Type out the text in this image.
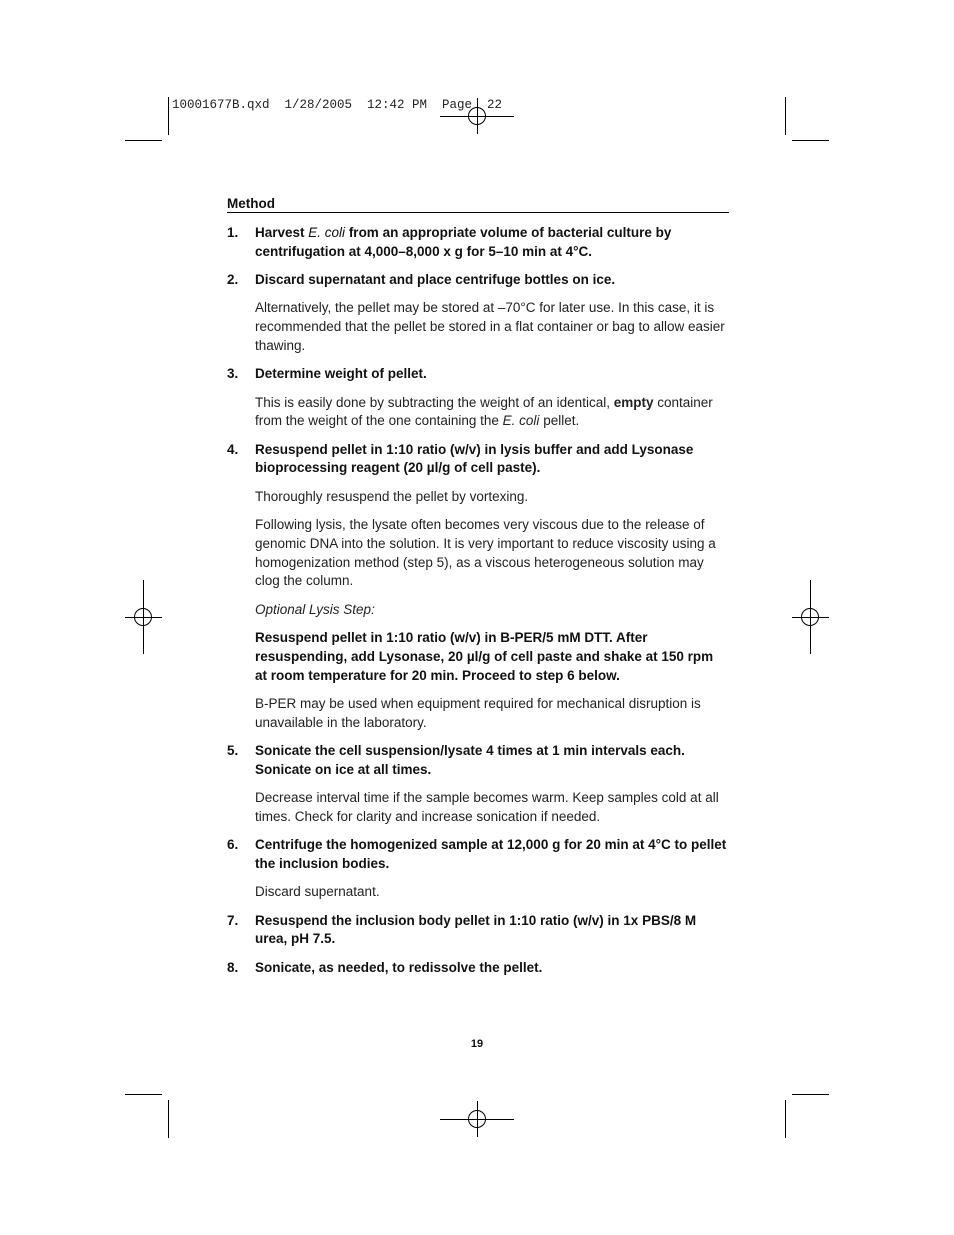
10001677B.qxd  1/28/2005  12:42 PM  Page  22
Method
1. Harvest E. coli from an appropriate volume of bacterial culture by centrifugation at 4,000–8,000 x g for 5–10 min at 4°C.
2. Discard supernatant and place centrifuge bottles on ice.
Alternatively, the pellet may be stored at –70°C for later use. In this case, it is recommended that the pellet be stored in a flat container or bag to allow easier thawing.
3. Determine weight of pellet.
This is easily done by subtracting the weight of an identical, empty container from the weight of the one containing the E. coli pellet.
4. Resuspend pellet in 1:10 ratio (w/v) in lysis buffer and add Lysonase bioprocessing reagent (20 µl/g of cell paste).
Thoroughly resuspend the pellet by vortexing.
Following lysis, the lysate often becomes very viscous due to the release of genomic DNA into the solution. It is very important to reduce viscosity using a homogenization method (step 5), as a viscous heterogeneous solution may clog the column.
Optional Lysis Step:
Resuspend pellet in 1:10 ratio (w/v) in B-PER/5 mM DTT. After resuspending, add Lysonase, 20 µl/g of cell paste and shake at 150 rpm at room temperature for 20 min. Proceed to step 6 below.
B-PER may be used when equipment required for mechanical disruption is unavailable in the laboratory.
5. Sonicate the cell suspension/lysate 4 times at 1 min intervals each. Sonicate on ice at all times.
Decrease interval time if the sample becomes warm. Keep samples cold at all times. Check for clarity and increase sonication if needed.
6. Centrifuge the homogenized sample at 12,000 g for 20 min at 4°C to pellet the inclusion bodies.
Discard supernatant.
7. Resuspend the inclusion body pellet in 1:10 ratio (w/v) in 1x PBS/8 M urea, pH 7.5.
8. Sonicate, as needed, to redissolve the pellet.
19
